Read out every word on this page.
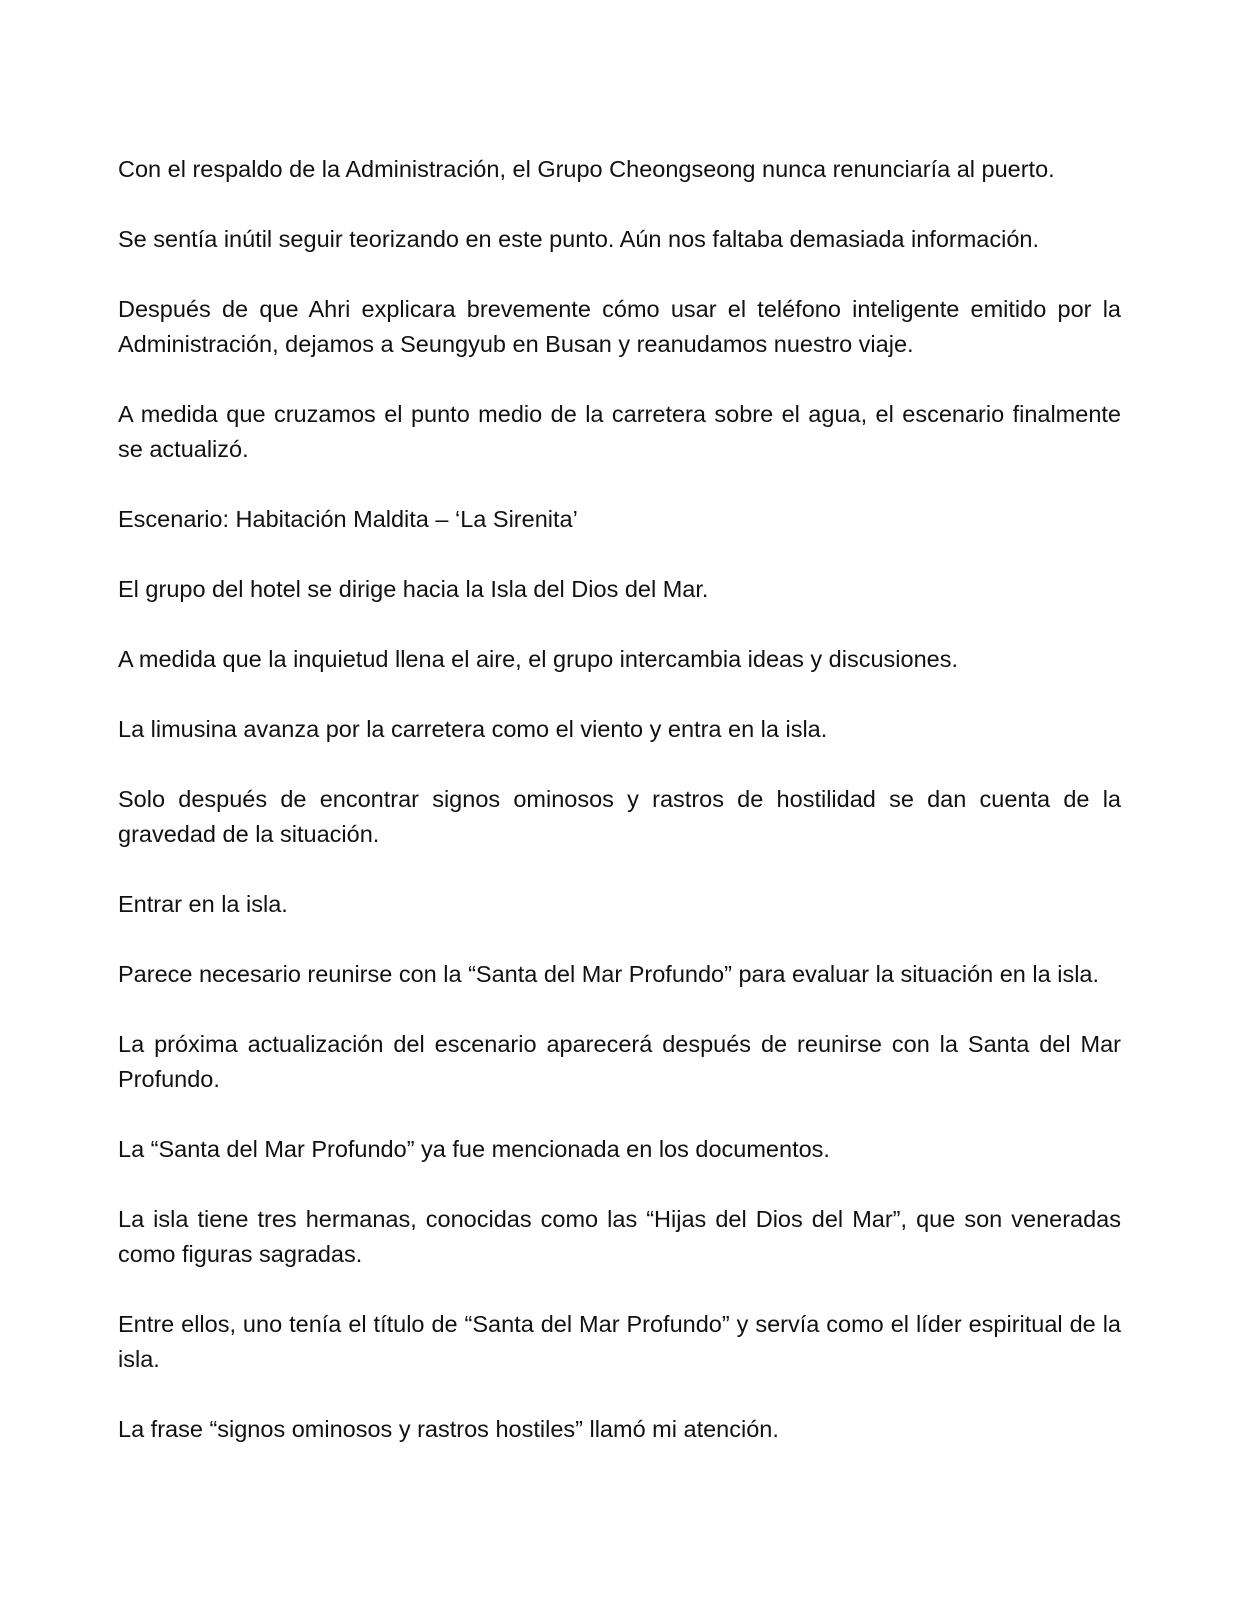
Con el respaldo de la Administración, el Grupo Cheongseong nunca renunciaría al puerto.

Se sentía inútil seguir teorizando en este punto. Aún nos faltaba demasiada información.

Después de que Ahri explicara brevemente cómo usar el teléfono inteligente emitido por la Administración, dejamos a Seungyub en Busan y reanudamos nuestro viaje.

A medida que cruzamos el punto medio de la carretera sobre el agua, el escenario finalmente se actualizó.

Escenario: Habitación Maldita – ‘La Sirenita’

El grupo del hotel se dirige hacia la Isla del Dios del Mar.

A medida que la inquietud llena el aire, el grupo intercambia ideas y discusiones.

La limusina avanza por la carretera como el viento y entra en la isla.

Solo después de encontrar signos ominosos y rastros de hostilidad se dan cuenta de la gravedad de la situación.

Entrar en la isla.

Parece necesario reunirse con la “Santa del Mar Profundo” para evaluar la situación en la isla.

La próxima actualización del escenario aparecerá después de reunirse con la Santa del Mar Profundo.

La “Santa del Mar Profundo” ya fue mencionada en los documentos.

La isla tiene tres hermanas, conocidas como las “Hijas del Dios del Mar”, que son veneradas como figuras sagradas.

Entre ellos, uno tenía el título de “Santa del Mar Profundo” y servía como el líder espiritual de la isla.

La frase “signos ominosos y rastros hostiles” llamó mi atención.
